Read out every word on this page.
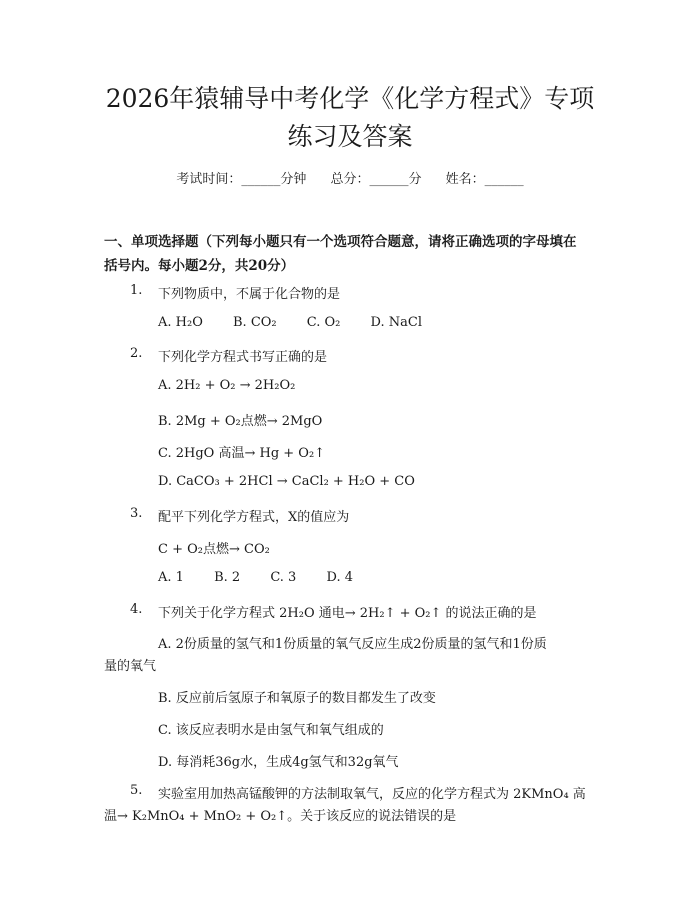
2026年猿辅导中考化学《化学方程式》专项
练习及答案
考试时间：______分钟 总分：______分 姓名：______
一、单项选择题（下列每小题只有一个选项符合题意，请将正确选项的字母填在
括号内。每小题2分，共20分）
1. 下列物质中，不属于化合物的是
A. H₂O B. CO₂ C. O₂ D. NaCl
2. 下列化学方程式书写正确的是
A. 2H₂ + O₂ → 2H₂O₂
B. 2Mg + O₂点燃→ 2MgO
C. 2HgO 高温→ Hg + O₂↑
D. CaCO₃ + 2HCl → CaCl₂ + H₂O + CO
3. 配平下列化学方程式，X的值应为
C + O₂点燃→ CO₂
A. 1 B. 2 C. 3 D. 4
4. 下列关于化学方程式 2H₂O 通电→ 2H₂↑ + O₂↑ 的说法正确的是
A. 2份质量的氢气和1份质量的氧气反应生成2份质量的氢气和1份质
量的氧气
B. 反应前后氢原子和氧原子的数目都发生了改变
C. 该反应表明水是由氢气和氧气组成的
D. 每消耗36g水，生成4g氢气和32g氧气
5. 实验室用加热高锰酸钾的方法制取氧气，反应的化学方程式为 2KMnO₄ 高
温→ K₂MnO₄ + MnO₂ + O₂↑。关于该反应的说法错误的是
